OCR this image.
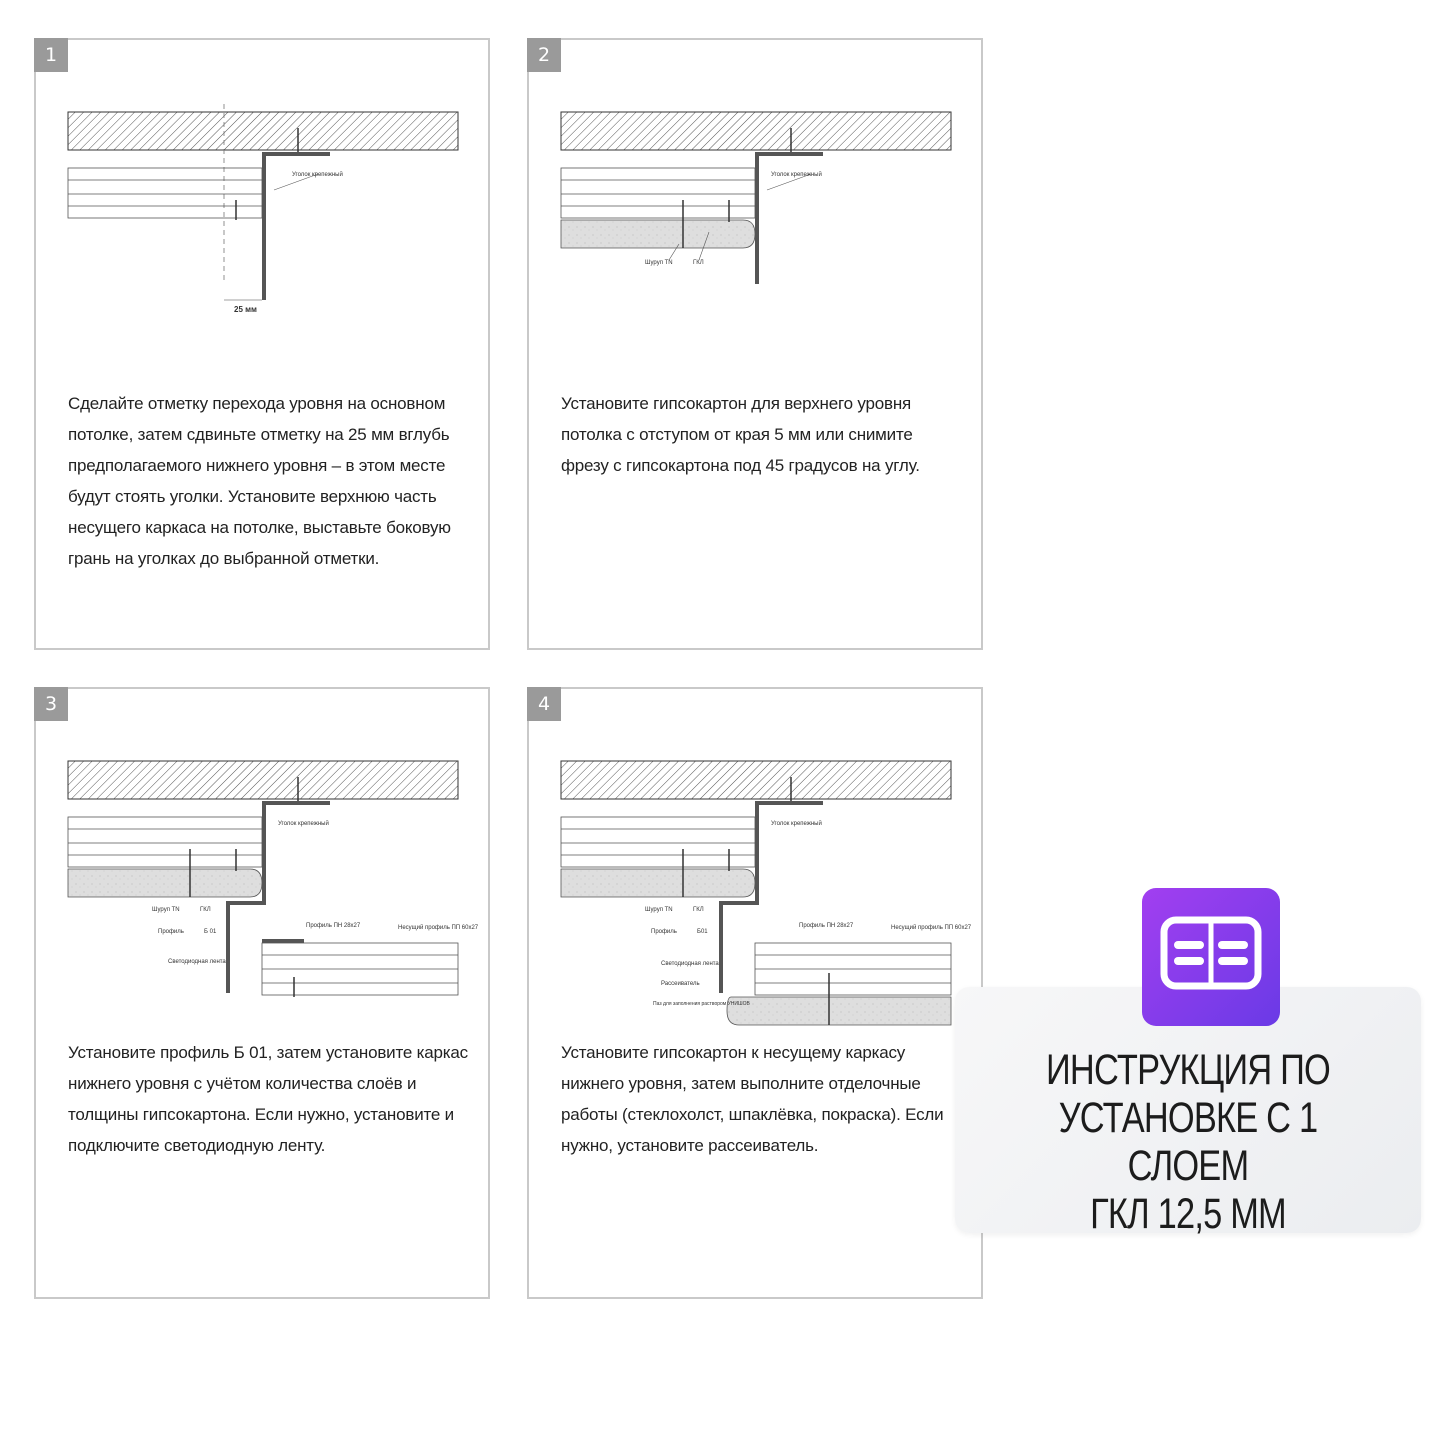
1
Уголок крепежный
25 мм

Сделайте отметку перехода уровня на основном потолке, затем сдвиньте отметку на 25 мм вглубь предполагаемого нижнего уровня – в этом месте будут стоять уголки. Установите верхнюю часть несущего каркаса на потолке, выставьте боковую грань на уголках до выбранной отметки.

2
Уголок крепежный
Шуруп TN	ГКЛ

Установите гипсокартон для верхнего уровня потолка с отступом от края 5 мм или снимите фрезу с гипсокартона под 45 градусов на углу.

3
Уголок крепежный
Шуруп TN	ГКЛ
Профиль	Б 01
Профиль ПН 28х27	Несущий профиль ПП 60х27
Светодиодная лента

Установите профиль Б 01, затем установите каркас нижнего уровня с учётом количества слоёв и толщины гипсокартона. Если нужно, установите и подключите светодиодную ленту.

4
Уголок крепежный
Шуруп TN	ГКЛ
Профиль	Б01
Профиль ПН 28х27	Несущий профиль ПП 60х27
Светодиодная лента
Рассеиватель
Паз для заполнения раствором УНИШОВ

Установите гипсокартон к несущему каркасу нижнего уровня, затем выполните отделочные работы (стеклохолст, шпаклёвка, покраска). Если нужно, установите рассеиватель.

ИНСТРУКЦИЯ ПО
УСТАНОВКЕ С 1 СЛОЕМ
ГКЛ 12,5 ММ
